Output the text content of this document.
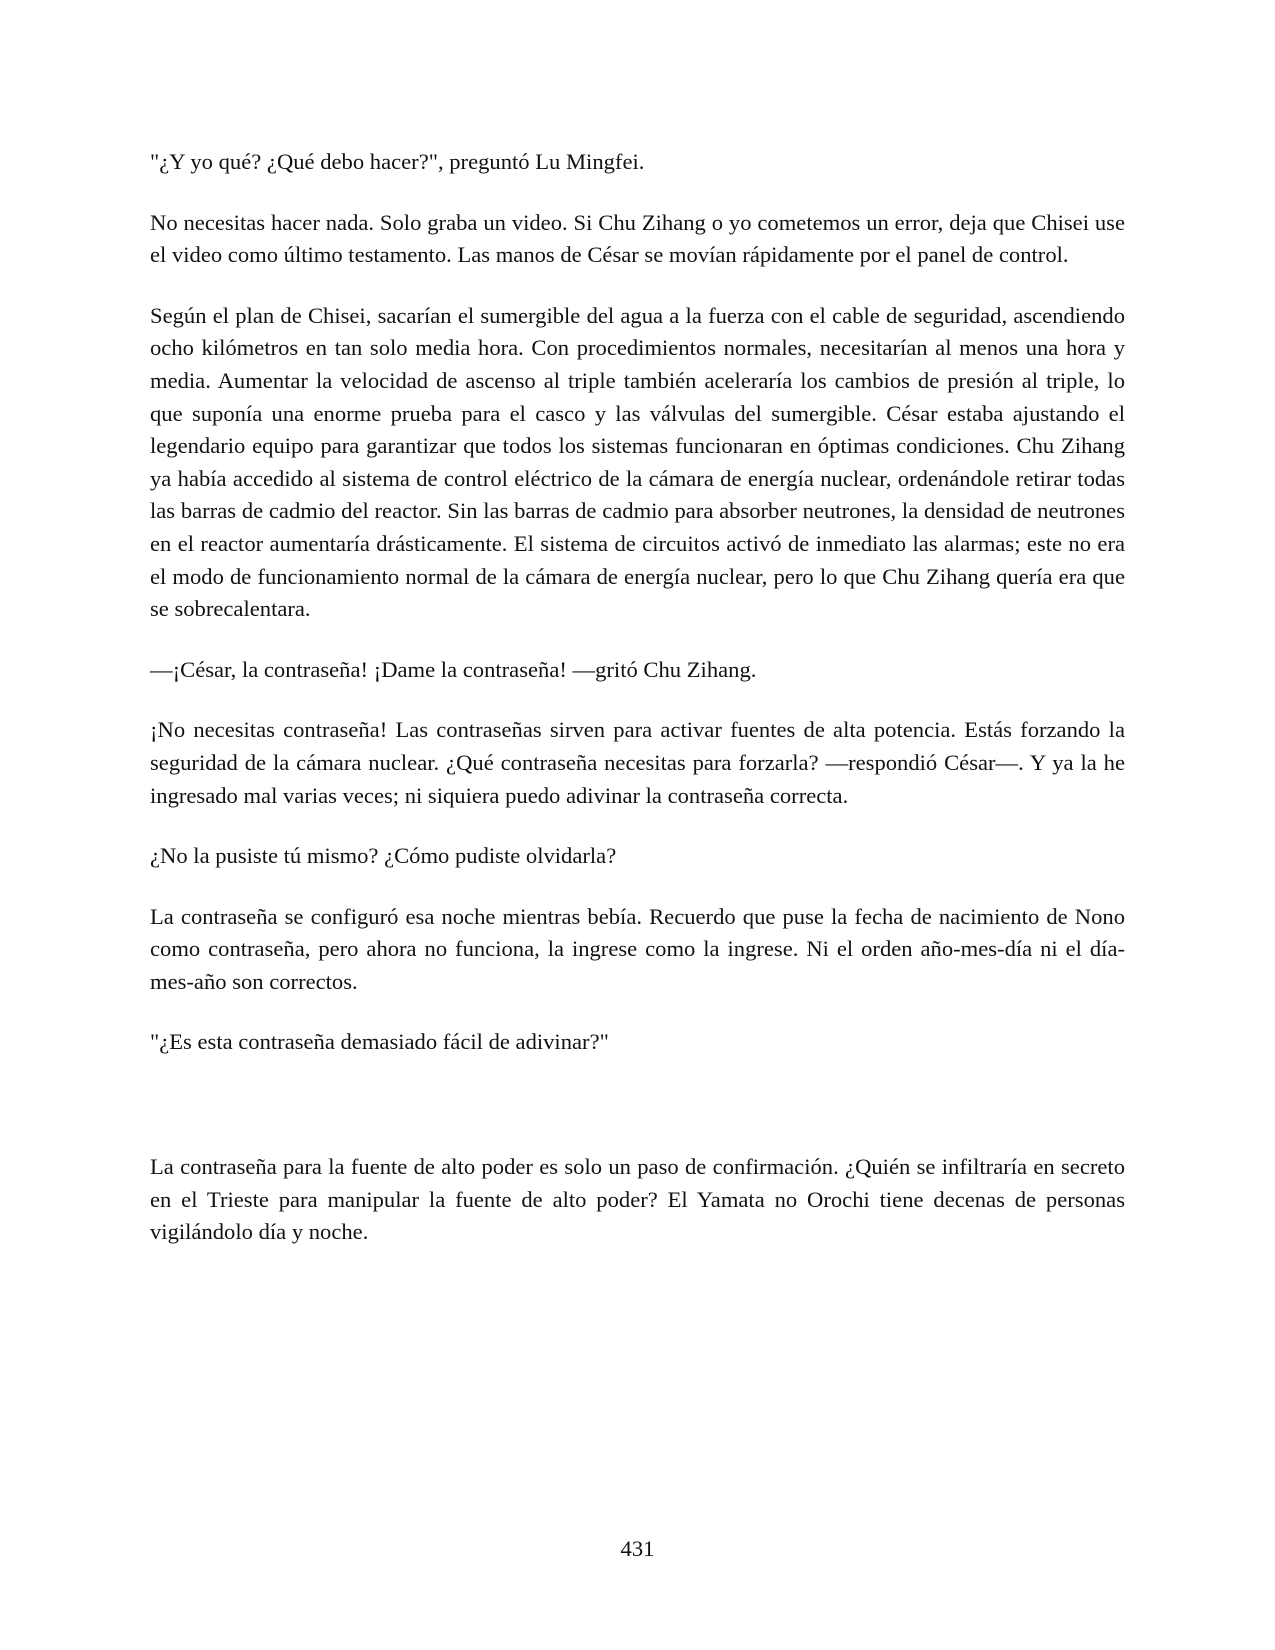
"¿Y yo qué? ¿Qué debo hacer?", preguntó Lu Mingfei.

No necesitas hacer nada. Solo graba un video. Si Chu Zihang o yo cometemos un error, deja que Chisei use el video como último testamento. Las manos de César se movían rápidamente por el panel de control.

Según el plan de Chisei, sacarían el sumergible del agua a la fuerza con el cable de seguridad, ascendiendo ocho kilómetros en tan solo media hora. Con procedimientos normales, necesitarían al menos una hora y media. Aumentar la velocidad de ascenso al triple también aceleraría los cambios de presión al triple, lo que suponía una enorme prueba para el casco y las válvulas del sumergible. César estaba ajustando el legendario equipo para garantizar que todos los sistemas funcionaran en óptimas condiciones. Chu Zihang ya había accedido al sistema de control eléctrico de la cámara de energía nuclear, ordenándole retirar todas las barras de cadmio del reactor. Sin las barras de cadmio para absorber neutrones, la densidad de neutrones en el reactor aumentaría drásticamente. El sistema de circuitos activó de inmediato las alarmas; este no era el modo de funcionamiento normal de la cámara de energía nuclear, pero lo que Chu Zihang quería era que se sobrecalentara.

—¡César, la contraseña! ¡Dame la contraseña! —gritó Chu Zihang.

¡No necesitas contraseña! Las contraseñas sirven para activar fuentes de alta potencia. Estás forzando la seguridad de la cámara nuclear. ¿Qué contraseña necesitas para forzarla? —respondió César—. Y ya la he ingresado mal varias veces; ni siquiera puedo adivinar la contraseña correcta.

¿No la pusiste tú mismo? ¿Cómo pudiste olvidarla?

La contraseña se configuró esa noche mientras bebía. Recuerdo que puse la fecha de nacimiento de Nono como contraseña, pero ahora no funciona, la ingrese como la ingrese. Ni el orden año-mes-día ni el día-mes-año son correctos.

"¿Es esta contraseña demasiado fácil de adivinar?"

La contraseña para la fuente de alto poder es solo un paso de confirmación. ¿Quién se infiltraría en secreto en el Trieste para manipular la fuente de alto poder? El Yamata no Orochi tiene decenas de personas vigilándolo día y noche.

431
